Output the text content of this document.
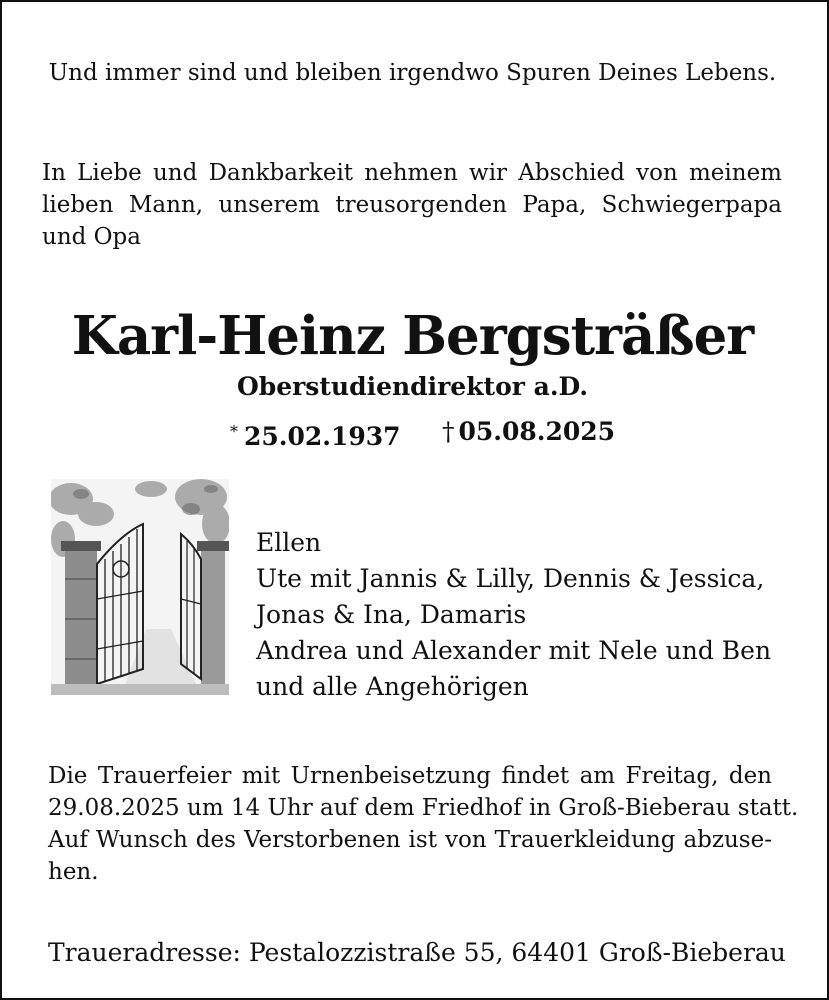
Und immer sind und bleiben irgendwo Spuren Deines Lebens.
In Liebe und Dankbarkeit nehmen wir Abschied von meinem lieben Mann, unserem treusorgenden Papa, Schwiegerpapa und Opa
Karl-Heinz Bergsträßer
Oberstudiendirektor a.D.
* 25.02.1937 † 05.08.2025
Ellen
Ute mit Jannis & Lilly, Dennis & Jessica,
Jonas & Ina, Damaris
Andrea und Alexander mit Nele und Ben
und alle Angehörigen
Die Trauerfeier mit Urnenbeisetzung findet am Freitag, den
29.08.2025 um 14 Uhr auf dem Friedhof in Groß-Bieberau statt.
Auf Wunsch des Verstorbenen ist von Trauerkleidung abzuse-
hen.
Traueradresse: Pestalozzistraße 55, 64401 Groß-Bieberau
